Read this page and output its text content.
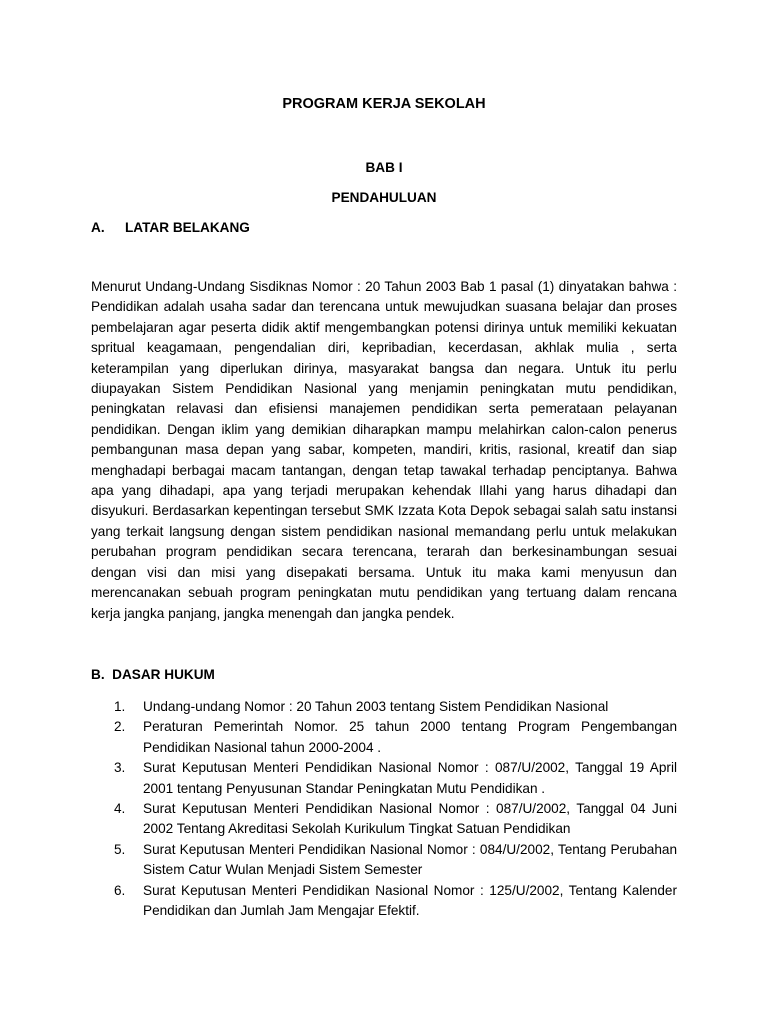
PROGRAM KERJA SEKOLAH
BAB I
PENDAHULUAN
A. LATAR BELAKANG

Menurut Undang-Undang Sisdiknas Nomor : 20 Tahun 2003 Bab 1 pasal (1) dinyatakan bahwa : Pendidikan adalah usaha sadar dan terencana untuk mewujudkan suasana belajar dan proses pembelajaran agar peserta didik aktif mengembangkan potensi dirinya untuk memiliki kekuatan spritual keagamaan, pengendalian diri, kepribadian, kecerdasan, akhlak mulia , serta keterampilan yang diperlukan dirinya, masyarakat bangsa dan negara. Untuk itu perlu diupayakan Sistem Pendidikan Nasional yang menjamin peningkatan mutu pendidikan, peningkatan relavasi dan efisiensi manajemen pendidikan serta pemerataan pelayanan pendidikan. Dengan iklim yang demikian diharapkan mampu melahirkan calon-calon penerus pembangunan masa depan yang sabar, kompeten, mandiri, kritis, rasional, kreatif dan siap menghadapi berbagai macam tantangan, dengan tetap tawakal terhadap penciptanya. Bahwa apa yang dihadapi, apa yang terjadi merupakan kehendak Illahi yang harus dihadapi dan disyukuri. Berdasarkan kepentingan tersebut SMK Izzata Kota Depok sebagai salah satu instansi yang terkait langsung dengan sistem pendidikan nasional memandang perlu untuk melakukan perubahan program pendidikan secara terencana, terarah dan berkesinambungan sesuai dengan visi dan misi yang disepakati bersama. Untuk itu maka kami menyusun dan merencanakan sebuah program peningkatan mutu pendidikan yang tertuang dalam rencana kerja jangka panjang, jangka menengah dan jangka pendek.

B.  DASAR HUKUM
1.	Undang-undang Nomor : 20 Tahun 2003 tentang Sistem Pendidikan Nasional
2.	Peraturan Pemerintah Nomor. 25 tahun 2000 tentang Program Pengembangan Pendidikan Nasional tahun 2000-2004 .
3.	Surat Keputusan Menteri Pendidikan Nasional Nomor : 087/U/2002, Tanggal 19 April 2001 tentang Penyusunan Standar Peningkatan Mutu Pendidikan .
4.	Surat Keputusan Menteri Pendidikan Nasional Nomor : 087/U/2002, Tanggal 04 Juni 2002 Tentang Akreditasi Sekolah Kurikulum Tingkat Satuan Pendidikan
5.	Surat Keputusan Menteri Pendidikan Nasional Nomor : 084/U/2002, Tentang Perubahan Sistem Catur Wulan Menjadi Sistem Semester
6.	Surat Keputusan Menteri Pendidikan Nasional Nomor : 125/U/2002, Tentang Kalender Pendidikan dan Jumlah Jam Mengajar Efektif.
